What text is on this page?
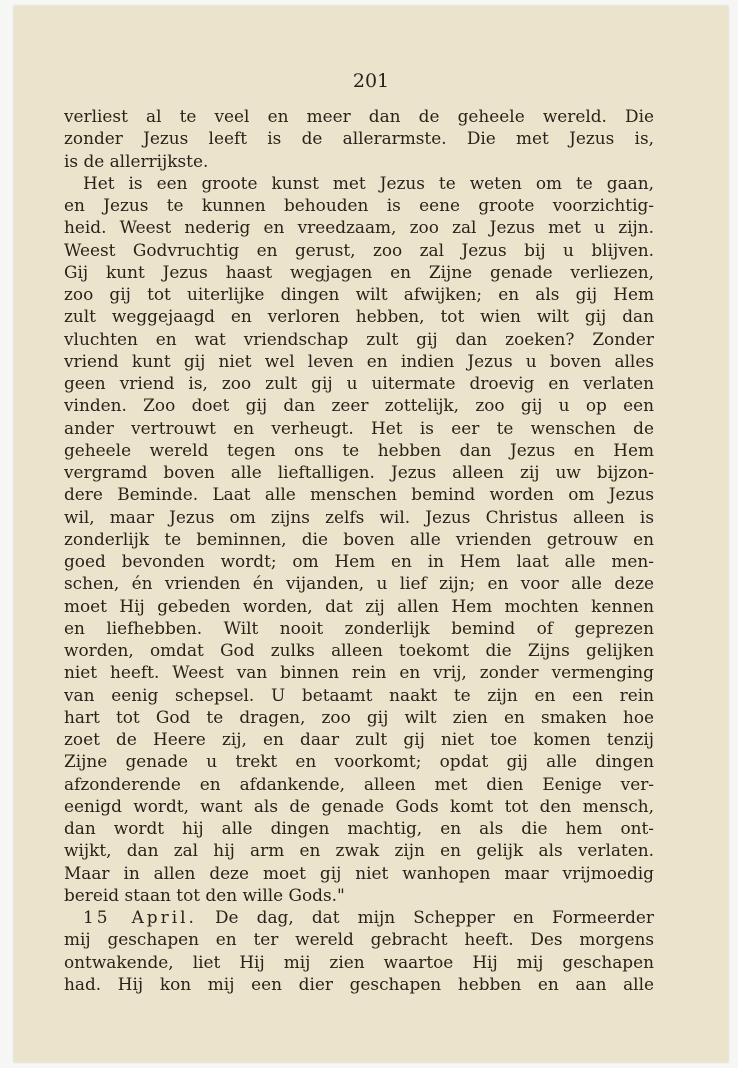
201
verliest al te veel en meer dan de geheele wereld. Die
zonder Jezus leeft is de allerarmste. Die met Jezus is,
is de allerrijkste.
Het is een groote kunst met Jezus te weten om te gaan,
en Jezus te kunnen behouden is eene groote voorzichtig-
heid. Weest nederig en vreedzaam, zoo zal Jezus met u zijn.
Weest Godvruchtig en gerust, zoo zal Jezus bij u blijven.
Gij kunt Jezus haast wegjagen en Zijne genade verliezen,
zoo gij tot uiterlijke dingen wilt afwijken; en als gij Hem
zult weggejaagd en verloren hebben, tot wien wilt gij dan
vluchten en wat vriendschap zult gij dan zoeken? Zonder
vriend kunt gij niet wel leven en indien Jezus u boven alles
geen vriend is, zoo zult gij u uitermate droevig en verlaten
vinden. Zoo doet gij dan zeer zottelijk, zoo gij u op een
ander vertrouwt en verheugt. Het is eer te wenschen de
geheele wereld tegen ons te hebben dan Jezus en Hem
vergramd boven alle lieftalligen. Jezus alleen zij uw bijzon-
dere Beminde. Laat alle menschen bemind worden om Jezus
wil, maar Jezus om zijns zelfs wil. Jezus Christus alleen is
zonderlijk te beminnen, die boven alle vrienden getrouw en
goed bevonden wordt; om Hem en in Hem laat alle men-
schen, én vrienden én vijanden, u lief zijn; en voor alle deze
moet Hij gebeden worden, dat zij allen Hem mochten kennen
en liefhebben. Wilt nooit zonderlijk bemind of geprezen
worden, omdat God zulks alleen toekomt die Zijns gelijken
niet heeft. Weest van binnen rein en vrij, zonder vermenging
van eenig schepsel. U betaamt naakt te zijn en een rein
hart tot God te dragen, zoo gij wilt zien en smaken hoe
zoet de Heere zij, en daar zult gij niet toe komen tenzij
Zijne genade u trekt en voorkomt; opdat gij alle dingen
afzonderende en afdankende, alleen met dien Eenige ver-
eenigd wordt, want als de genade Gods komt tot den mensch,
dan wordt hij alle dingen machtig, en als die hem ont-
wijkt, dan zal hij arm en zwak zijn en gelijk als verlaten.
Maar in allen deze moet gij niet wanhopen maar vrijmoedig
bereid staan tot den wille Gods."
15 April. De dag, dat mijn Schepper en Formeerder
mij geschapen en ter wereld gebracht heeft. Des morgens
ontwakende, liet Hij mij zien waartoe Hij mij geschapen
had. Hij kon mij een dier geschapen hebben en aan alle
